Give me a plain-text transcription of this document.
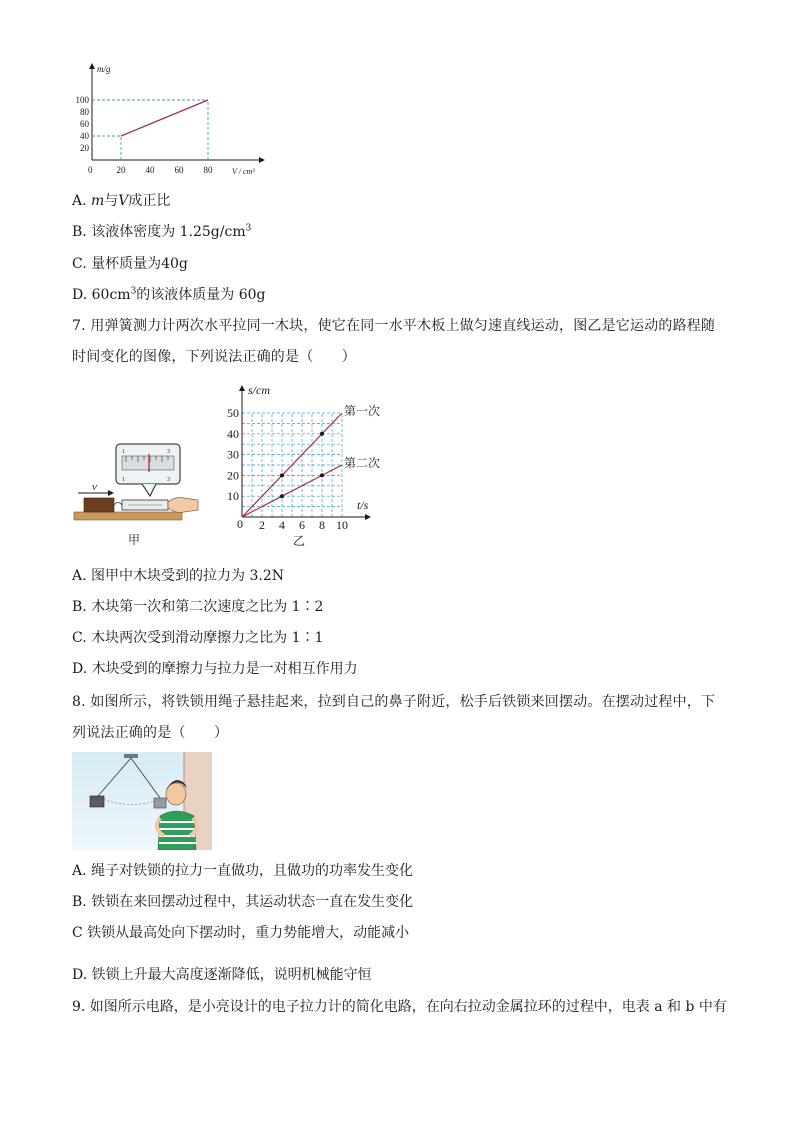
20
40
60
80
100
20 40 60 80
0
m/g
V / cm³
A. m与V成正比
B. 该液体密度为 $1.25g/cm^3$
C. 量杯质量为40g
D. $60cm^3$的该液体质量为 60g
7. 用弹簧测力计两次水平拉同一木块，使它在同一水平木板上做匀速直线运动，图乙是它运动的路程随时间变化的图像，下列说法正确的是（　　）
1	3
1	3
v
甲
10
20
30
40
50
2 4 6 8 10
0
s/cm
t/s
第一次
第二次
乙
A. 图甲中木块受到的拉力为 3.2N
B. 木块第一次和第二次速度之比为 1∶2
C. 木块两次受到滑动摩擦力之比为 1∶1
D. 木块受到的摩擦力与拉力是一对相互作用力
8. 如图所示，将铁锁用绳子悬挂起来，拉到自己的鼻子附近，松手后铁锁来回摆动。在摆动过程中，下列说法正确的是（　　）
A. 绳子对铁锁的拉力一直做功，且做功的功率发生变化
B. 铁锁在来回摆动过程中，其运动状态一直在发生变化
C 铁锁从最高处向下摆动时，重力势能增大，动能减小
D. 铁锁上升最大高度逐渐降低，说明机械能守恒
9. 如图所示电路，是小亮设计的电子拉力计的简化电路，在向右拉动金属拉环的过程中，电表 a 和 b 中有
